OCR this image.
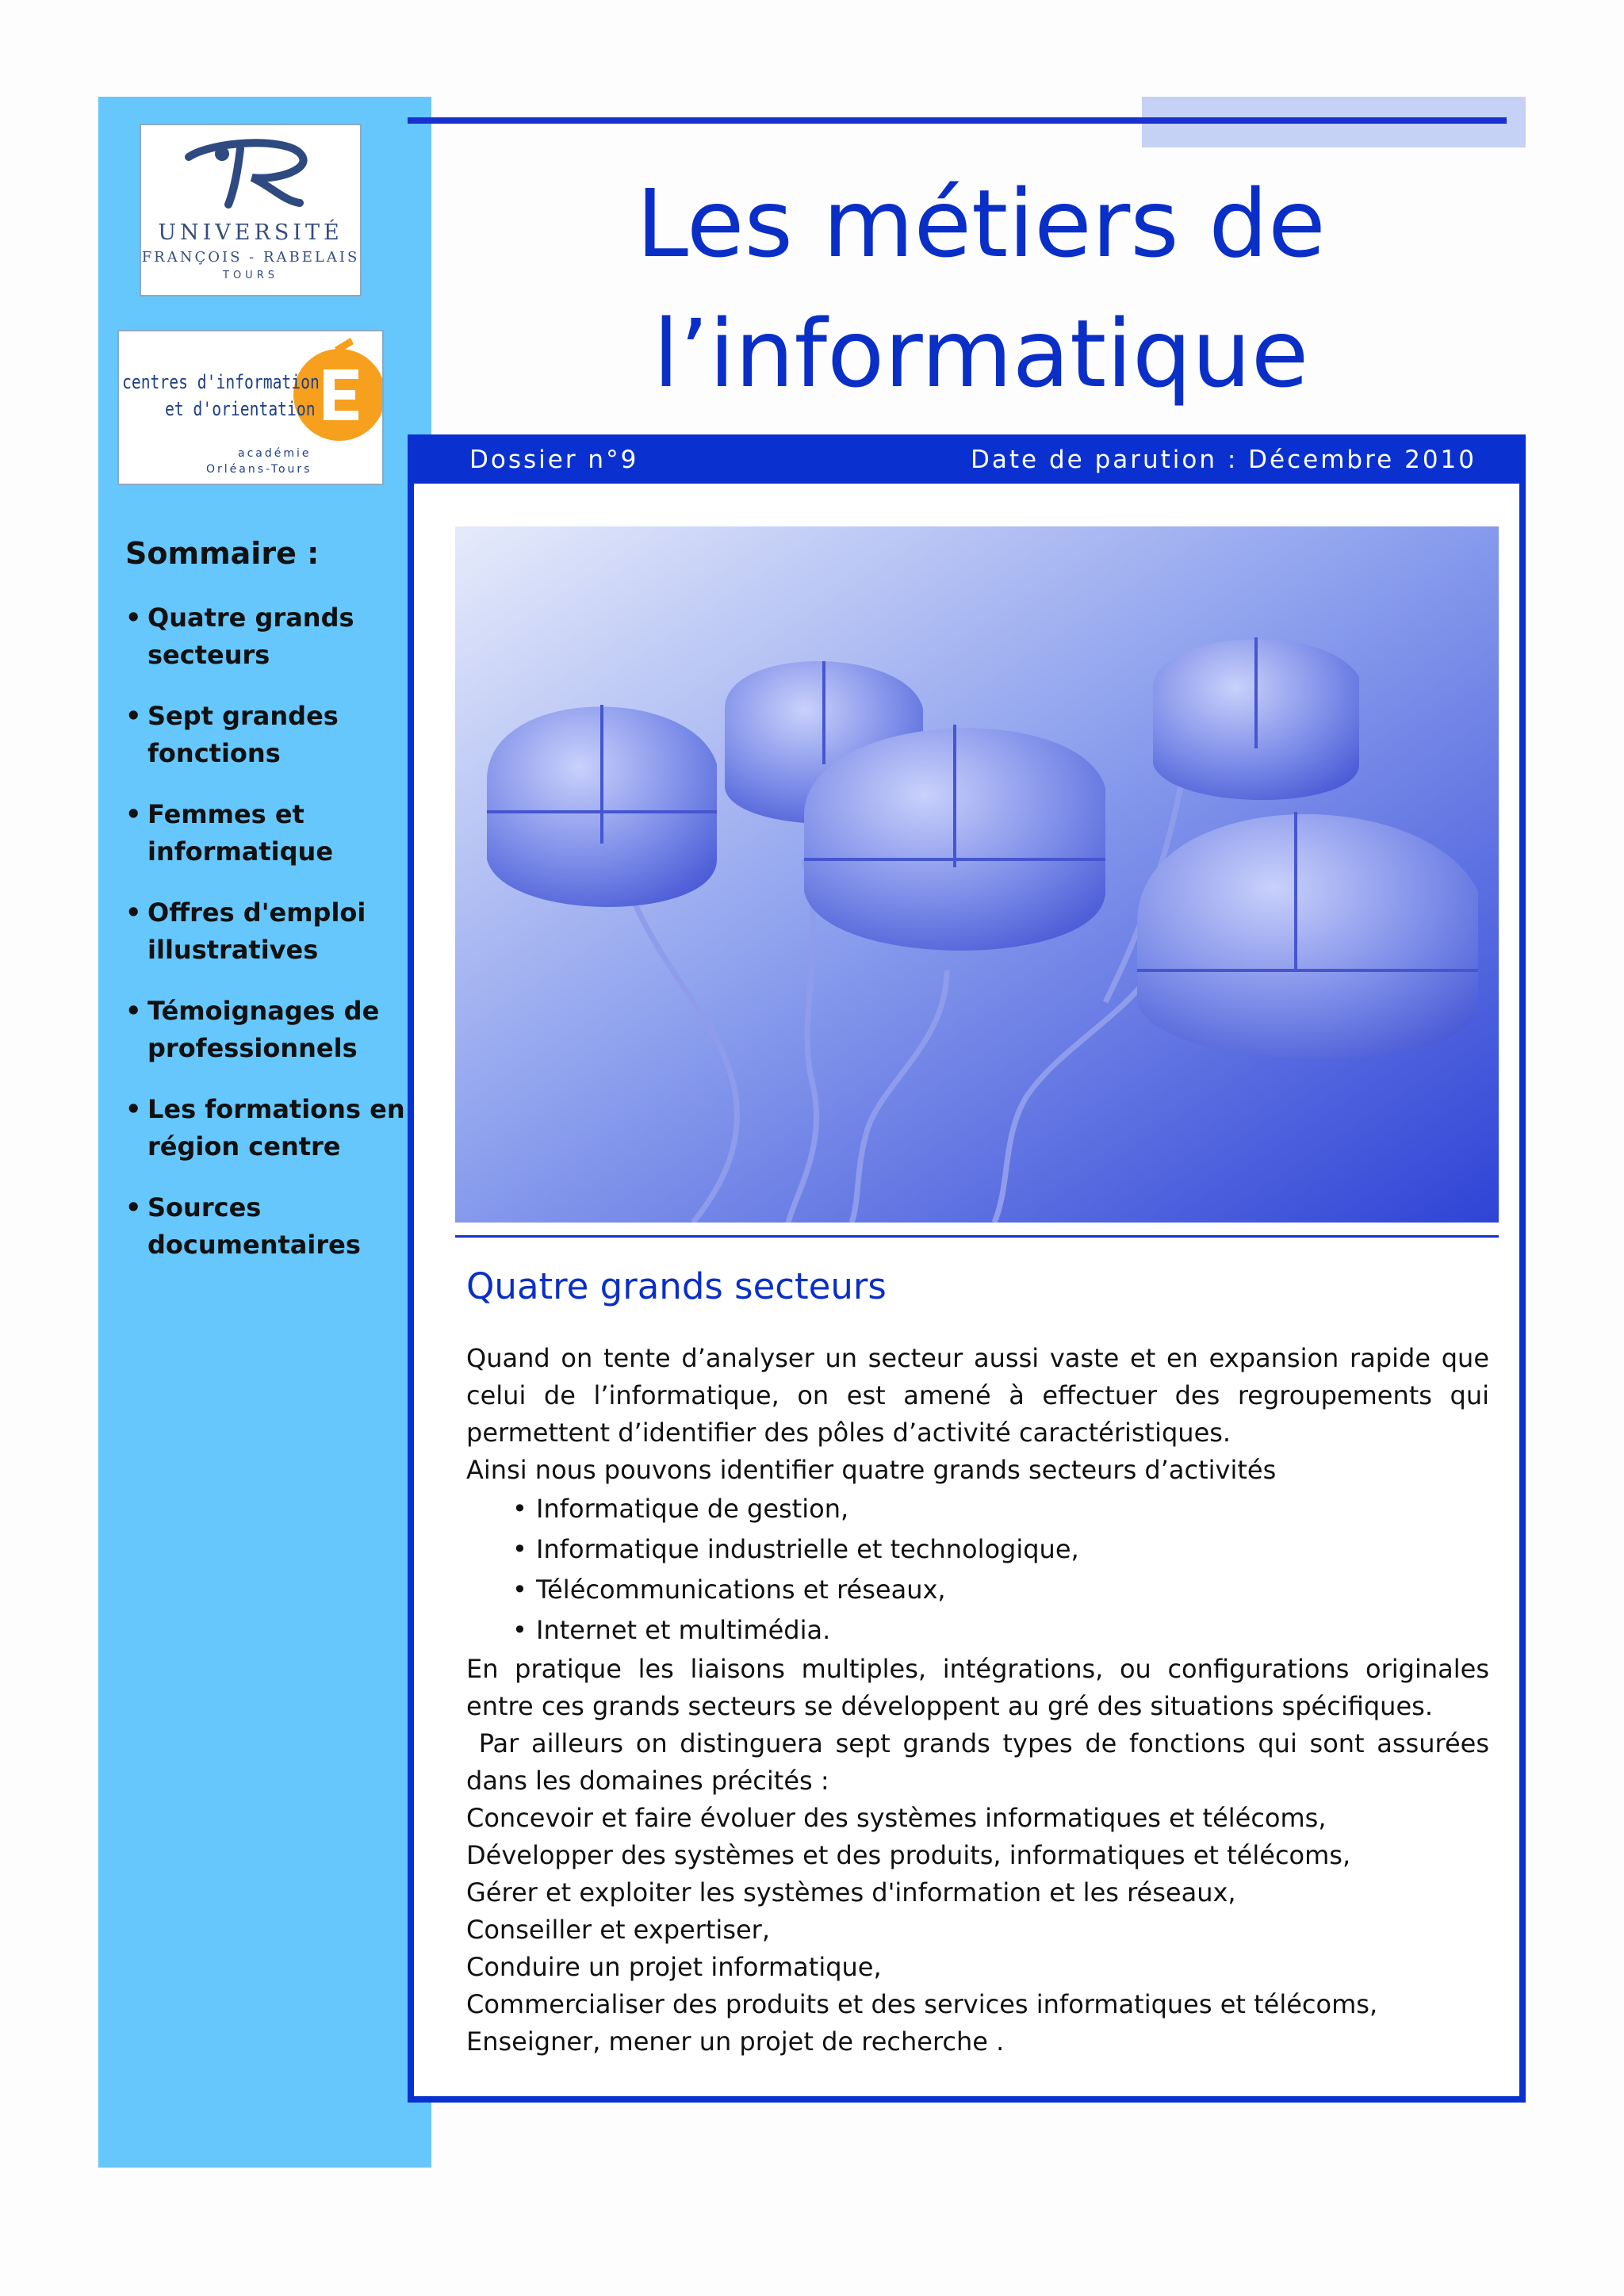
UNIVERSITÉ
FRANÇOIS - RABELAIS
TOURS
centres d'information
et d'orientation
académie
Orléans-Tours
Sommaire :
• Quatre grands secteurs
• Sept grandes fonctions
• Femmes et informatique
• Offres d'emploi illustratives
• Témoignages de professionnels
• Les formations en région centre
• Sources documentaires
Les métiers de
l’informatique
Dossier n°9	Date de parution : Décembre 2010
Quatre grands secteurs

Quand on tente d’analyser un secteur aussi vaste et en expansion rapide que celui de l’informatique, on est amené à effectuer des regroupements qui permettent d’identifier des pôles d’activité caractéristiques.

Ainsi nous pouvons identifier quatre grands secteurs d’activités

• Informatique de gestion,
• Informatique industrielle et technologique,
• Télécommunications et réseaux,
• Internet et multimédia.

En pratique les liaisons multiples, intégrations, ou configurations originales entre ces grands secteurs se développent au gré des situations spécifiques.

Par ailleurs on distinguera sept grands types de fonctions qui sont assurées dans les domaines précités :

Concevoir et faire évoluer des systèmes informatiques et télécoms,

Développer des systèmes et des produits, informatiques et télécoms,

Gérer et exploiter les systèmes d'information et les réseaux,

Conseiller et expertiser,

Conduire un projet informatique,

Commercialiser des produits et des services informatiques et télécoms,

Enseigner, mener un projet de recherche .
